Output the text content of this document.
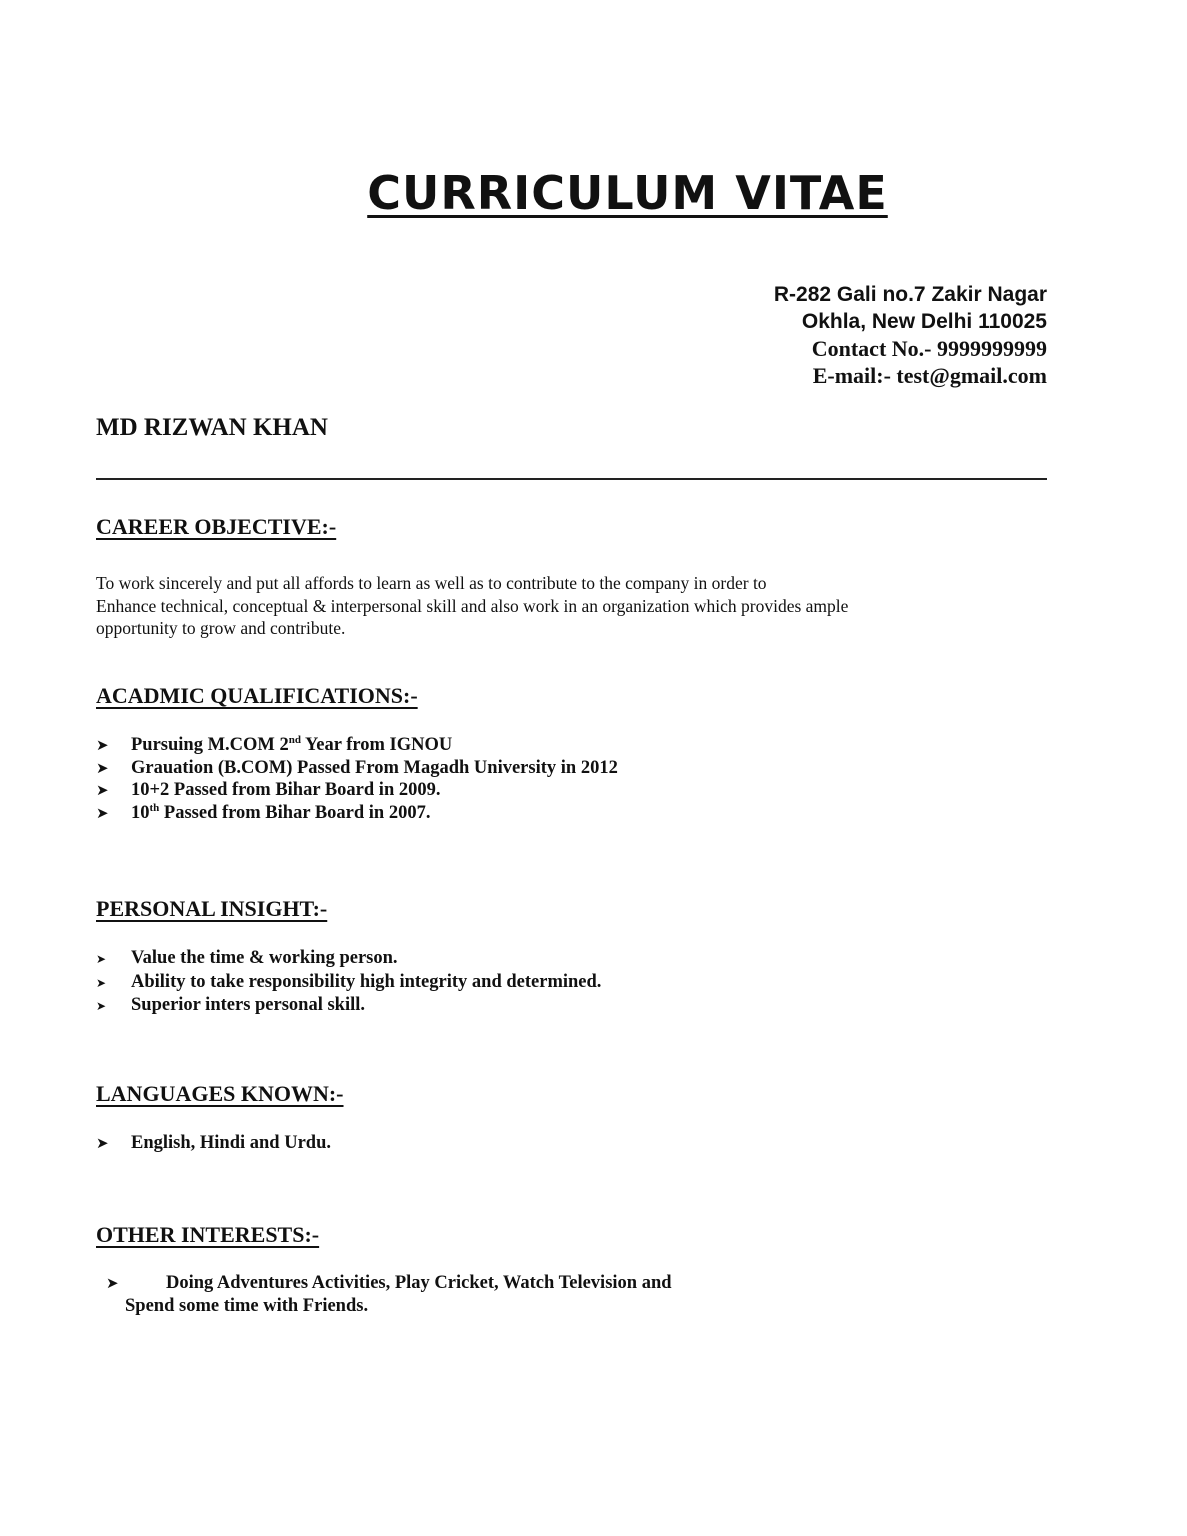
CURRICULUM VITAE
R-282 Gali no.7 Zakir Nagar
Okhla, New Delhi 110025
Contact No.- 9999999999
E-mail:- test@gmail.com
MD RIZWAN KHAN
CAREER OBJECTIVE:-

To work sincerely and put all affords to learn as well as to contribute to the company in order to
Enhance technical, conceptual & interpersonal skill and also work in an organization which provides ample
opportunity to grow and contribute.

ACADMIC QUALIFICATIONS:-
➤	Pursuing M.COM 2nd Year from IGNOU
➤	Grauation (B.COM) Passed From Magadh University in 2012
➤	10+2 Passed from Bihar Board in 2009.
➤	10th Passed from Bihar Board in 2007.
PERSONAL INSIGHT:-
➤	Value the time & working person.
➤	Ability to take responsibility high integrity and determined.
➤	Superior inters personal skill.
LANGUAGES KNOWN:-
➤	English, Hindi and Urdu.
OTHER INTERESTS:-
➤	Doing Adventures Activities, Play Cricket, Watch Television and
Spend some time with Friends.
